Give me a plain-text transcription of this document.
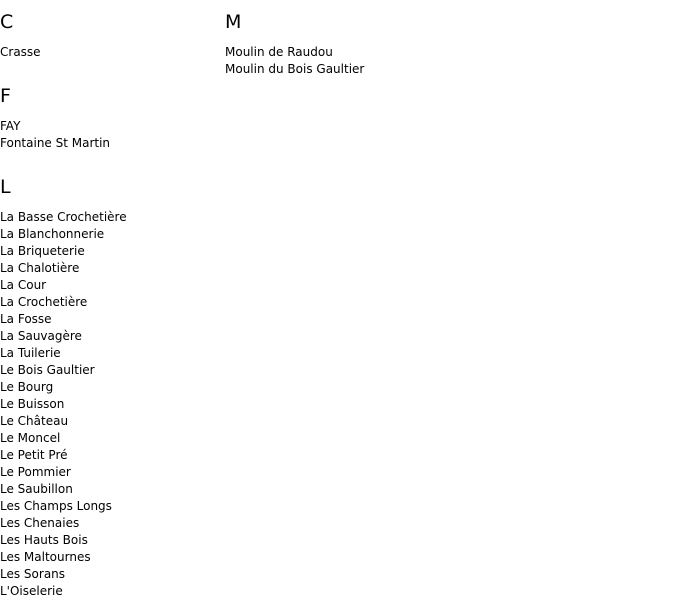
C
Crasse
F
FAY
Fontaine St Martin
L
La Basse Crochetière
La Blanchonnerie
La Briqueterie
La Chalotière
La Cour
La Crochetière
La Fosse
La Sauvagère
La Tuilerie
Le Bois Gaultier
Le Bourg
Le Buisson
Le Château
Le Moncel
Le Petit Pré
Le Pommier
Le Saubillon
Les Champs Longs
Les Chenaies
Les Hauts Bois
Les Maltournes
Les Sorans
L'Oiselerie
M
Moulin de Raudou
Moulin du Bois Gaultier
